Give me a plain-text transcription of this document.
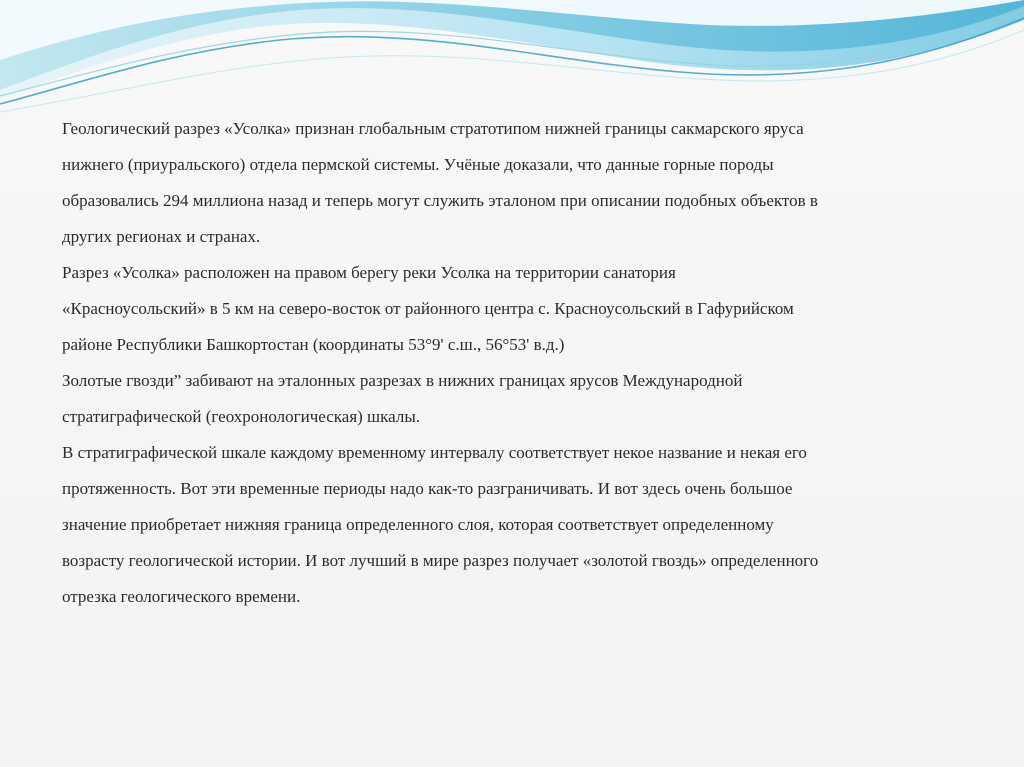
Геологический разрез «Усолка» признан глобальным стратотипом нижней границы сакмарского яруса
нижнего (приуральского) отдела пермской системы. Учёные доказали, что данные горные породы
образовались 294 миллиона назад и теперь могут служить эталоном при описании подобных объектов в
других регионах и странах.

Разрез «Усолка» расположен на правом берегу реки Усолка на территории санатория
«Красноусольский» в 5 км на северо-восток от районного центра с. Красноусольский в Гафурийском
районе Республики Башкортостан (координаты 53°9' с.ш., 56°53' в.д.)

Золотые гвозди” забивают на эталонных разрезах в нижних границах ярусов Международной
стратиграфической (геохронологическая) шкалы.

В стратиграфической шкале каждому временному интервалу соответствует некое название и некая его
протяженность. Вот эти временные периоды надо как-то разграничивать. И вот здесь очень большое
значение приобретает нижняя граница определенного слоя, которая соответствует определенному
возрасту геологической истории. И вот лучший в мире разрез получает «золотой гвоздь» определенного
отрезка геологического времени.
